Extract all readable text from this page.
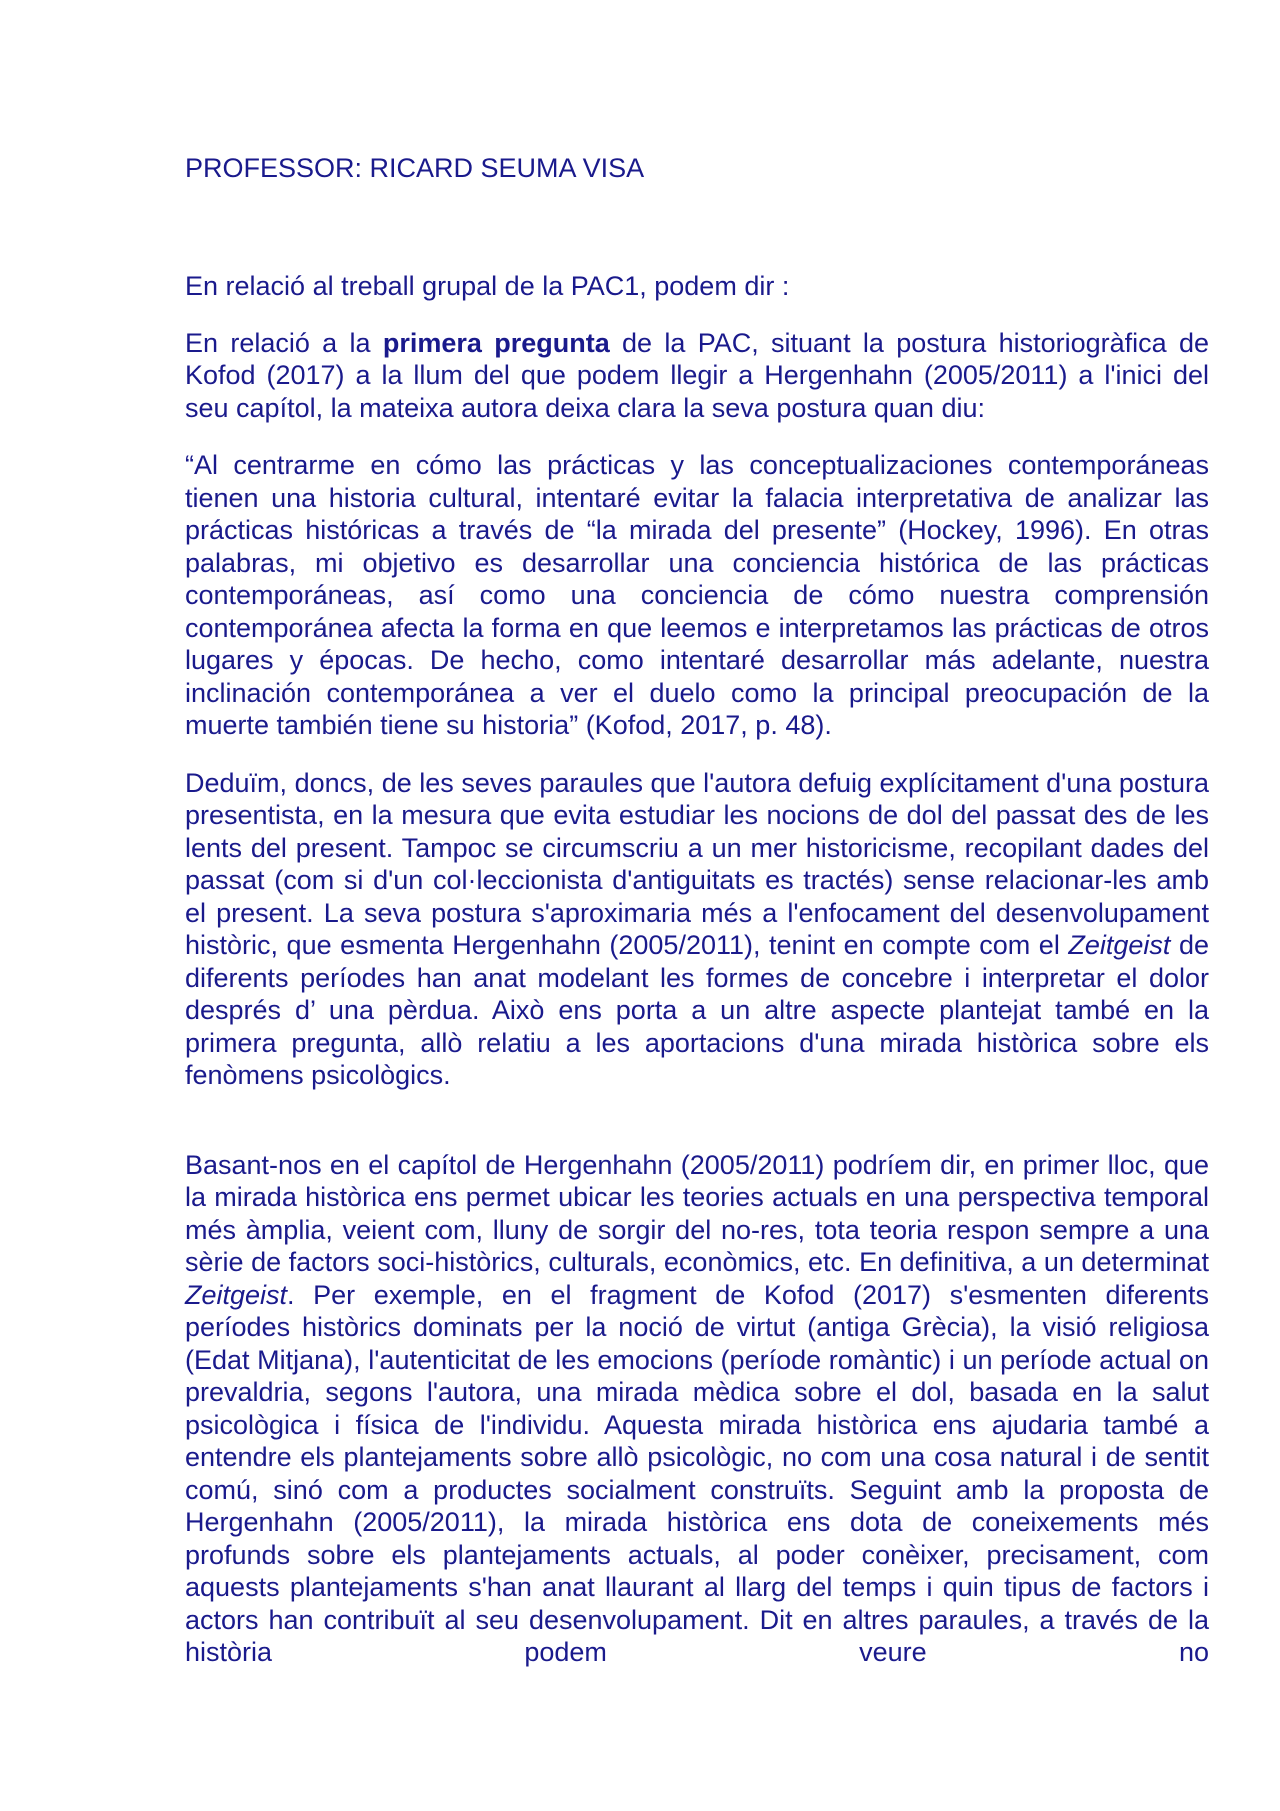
PROFESSOR: RICARD SEUMA VISA

En relació al treball grupal de la PAC1, podem dir :

En relació a la primera pregunta de la PAC, situant la postura historiogràfica de Kofod (2017) a la llum del que podem llegir a Hergenhahn (2005/2011) a l'inici del seu capítol, la mateixa autora deixa clara la seva postura quan diu:

“Al centrarme en cómo las prácticas y las conceptualizaciones contemporáneas tienen una historia cultural, intentaré evitar la falacia interpretativa de analizar las prácticas históricas a través de “la mirada del presente” (Hockey, 1996). En otras palabras, mi objetivo es desarrollar una conciencia histórica de las prácticas contemporáneas, así como una conciencia de cómo nuestra comprensión contemporánea afecta la forma en que leemos e interpretamos las prácticas de otros lugares y épocas. De hecho, como intentaré desarrollar más adelante, nuestra inclinación contemporánea a ver el duelo como la principal preocupación de la muerte también tiene su historia” (Kofod, 2017, p. 48).

Deduïm, doncs, de les seves paraules que l'autora defuig explícitament d'una postura presentista, en la mesura que evita estudiar les nocions de dol del passat des de les lents del present. Tampoc se circumscriu a un mer historicisme, recopilant dades del passat (com si d'un col·leccionista d'antiguitats es tractés) sense relacionar-les amb el present. La seva postura s'aproximaria més a l'enfocament del desenvolupament històric, que esmenta Hergenhahn (2005/2011), tenint en compte com el Zeitgeist de diferents períodes han anat modelant les formes de concebre i interpretar el dolor després d’ una pèrdua. Això ens porta a un altre aspecte plantejat també en la primera pregunta, allò relatiu a les aportacions d'una mirada històrica sobre els fenòmens psicològics.

Basant-nos en el capítol de Hergenhahn (2005/2011) podríem dir, en primer lloc, que la mirada històrica ens permet ubicar les teories actuals en una perspectiva temporal més àmplia, veient com, lluny de sorgir del no-res, tota teoria respon sempre a una sèrie de factors soci-històrics, culturals, econòmics, etc. En definitiva, a un determinat Zeitgeist. Per exemple, en el fragment de Kofod (2017) s'esmenten diferents períodes històrics dominats per la noció de virtut (antiga Grècia), la visió religiosa (Edat Mitjana), l'autenticitat de les emocions (període romàntic) i un període actual on prevaldria, segons l'autora, una mirada mèdica sobre el dol, basada en la salut psicològica i física de l'individu. Aquesta mirada històrica ens ajudaria també a entendre els plantejaments sobre allò psicològic, no com una cosa natural i de sentit comú, sinó com a productes socialment construïts. Seguint amb la proposta de Hergenhahn (2005/2011), la mirada històrica ens dota de coneixements més profunds sobre els plantejaments actuals, al poder conèixer, precisament, com aquests plantejaments s'han anat llaurant al llarg del temps i quin tipus de factors i actors han contribuït al seu desenvolupament. Dit en altres paraules, a través de la història podem veure no
